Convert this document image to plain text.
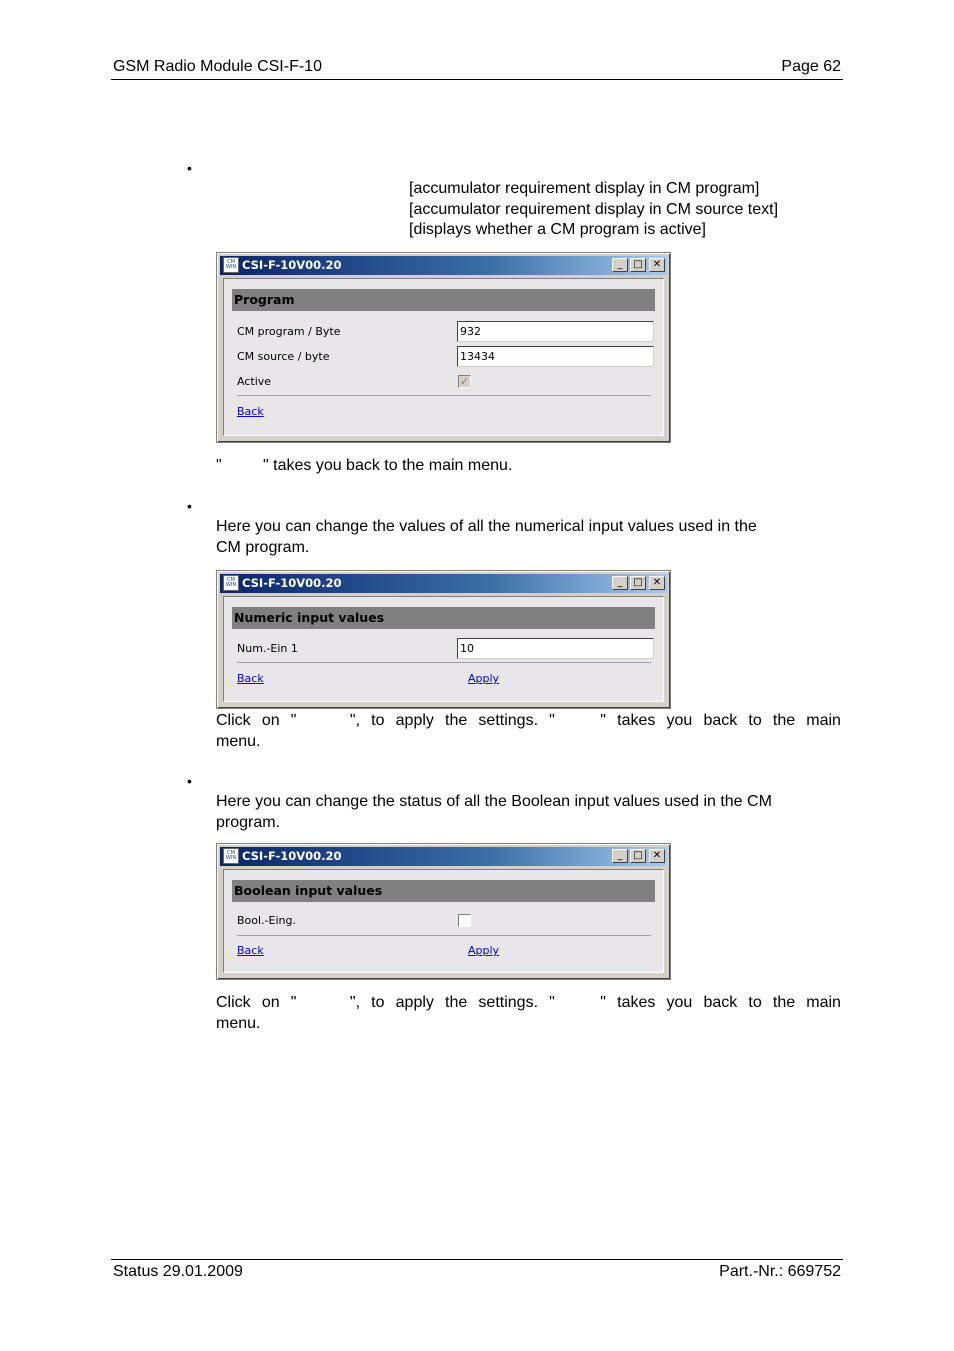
GSM Radio Module CSI-F-10	Page 62
•
[accumulator requirement display in CM program]
[accumulator requirement display in CM source text]
[displays whether a CM program is active]
CM WIN CSI-F-10V00.20	_	□	✕
Program
CM program / Byte	932
CM source / byte	13434
Active	✓
Back
"	" takes you back to the main menu.
•
Here you can change the values of all the numerical input values used in the
CM program.
CM WIN CSI-F-10V00.20	_	□	✕
Numeric input values
Num.-Ein 1	10
Back	Apply
Click on "	", to apply the settings. "	" takes you back to the main
menu.
•
Here you can change the status of all the Boolean input values used in the CM
program.
CM WIN CSI-F-10V00.20	_	□	✕
Boolean input values
Bool.-Eing.
Back	Apply
Click on "	", to apply the settings. "	" takes you back to the main
menu.
Status 29.01.2009	Part.-Nr.: 669752
